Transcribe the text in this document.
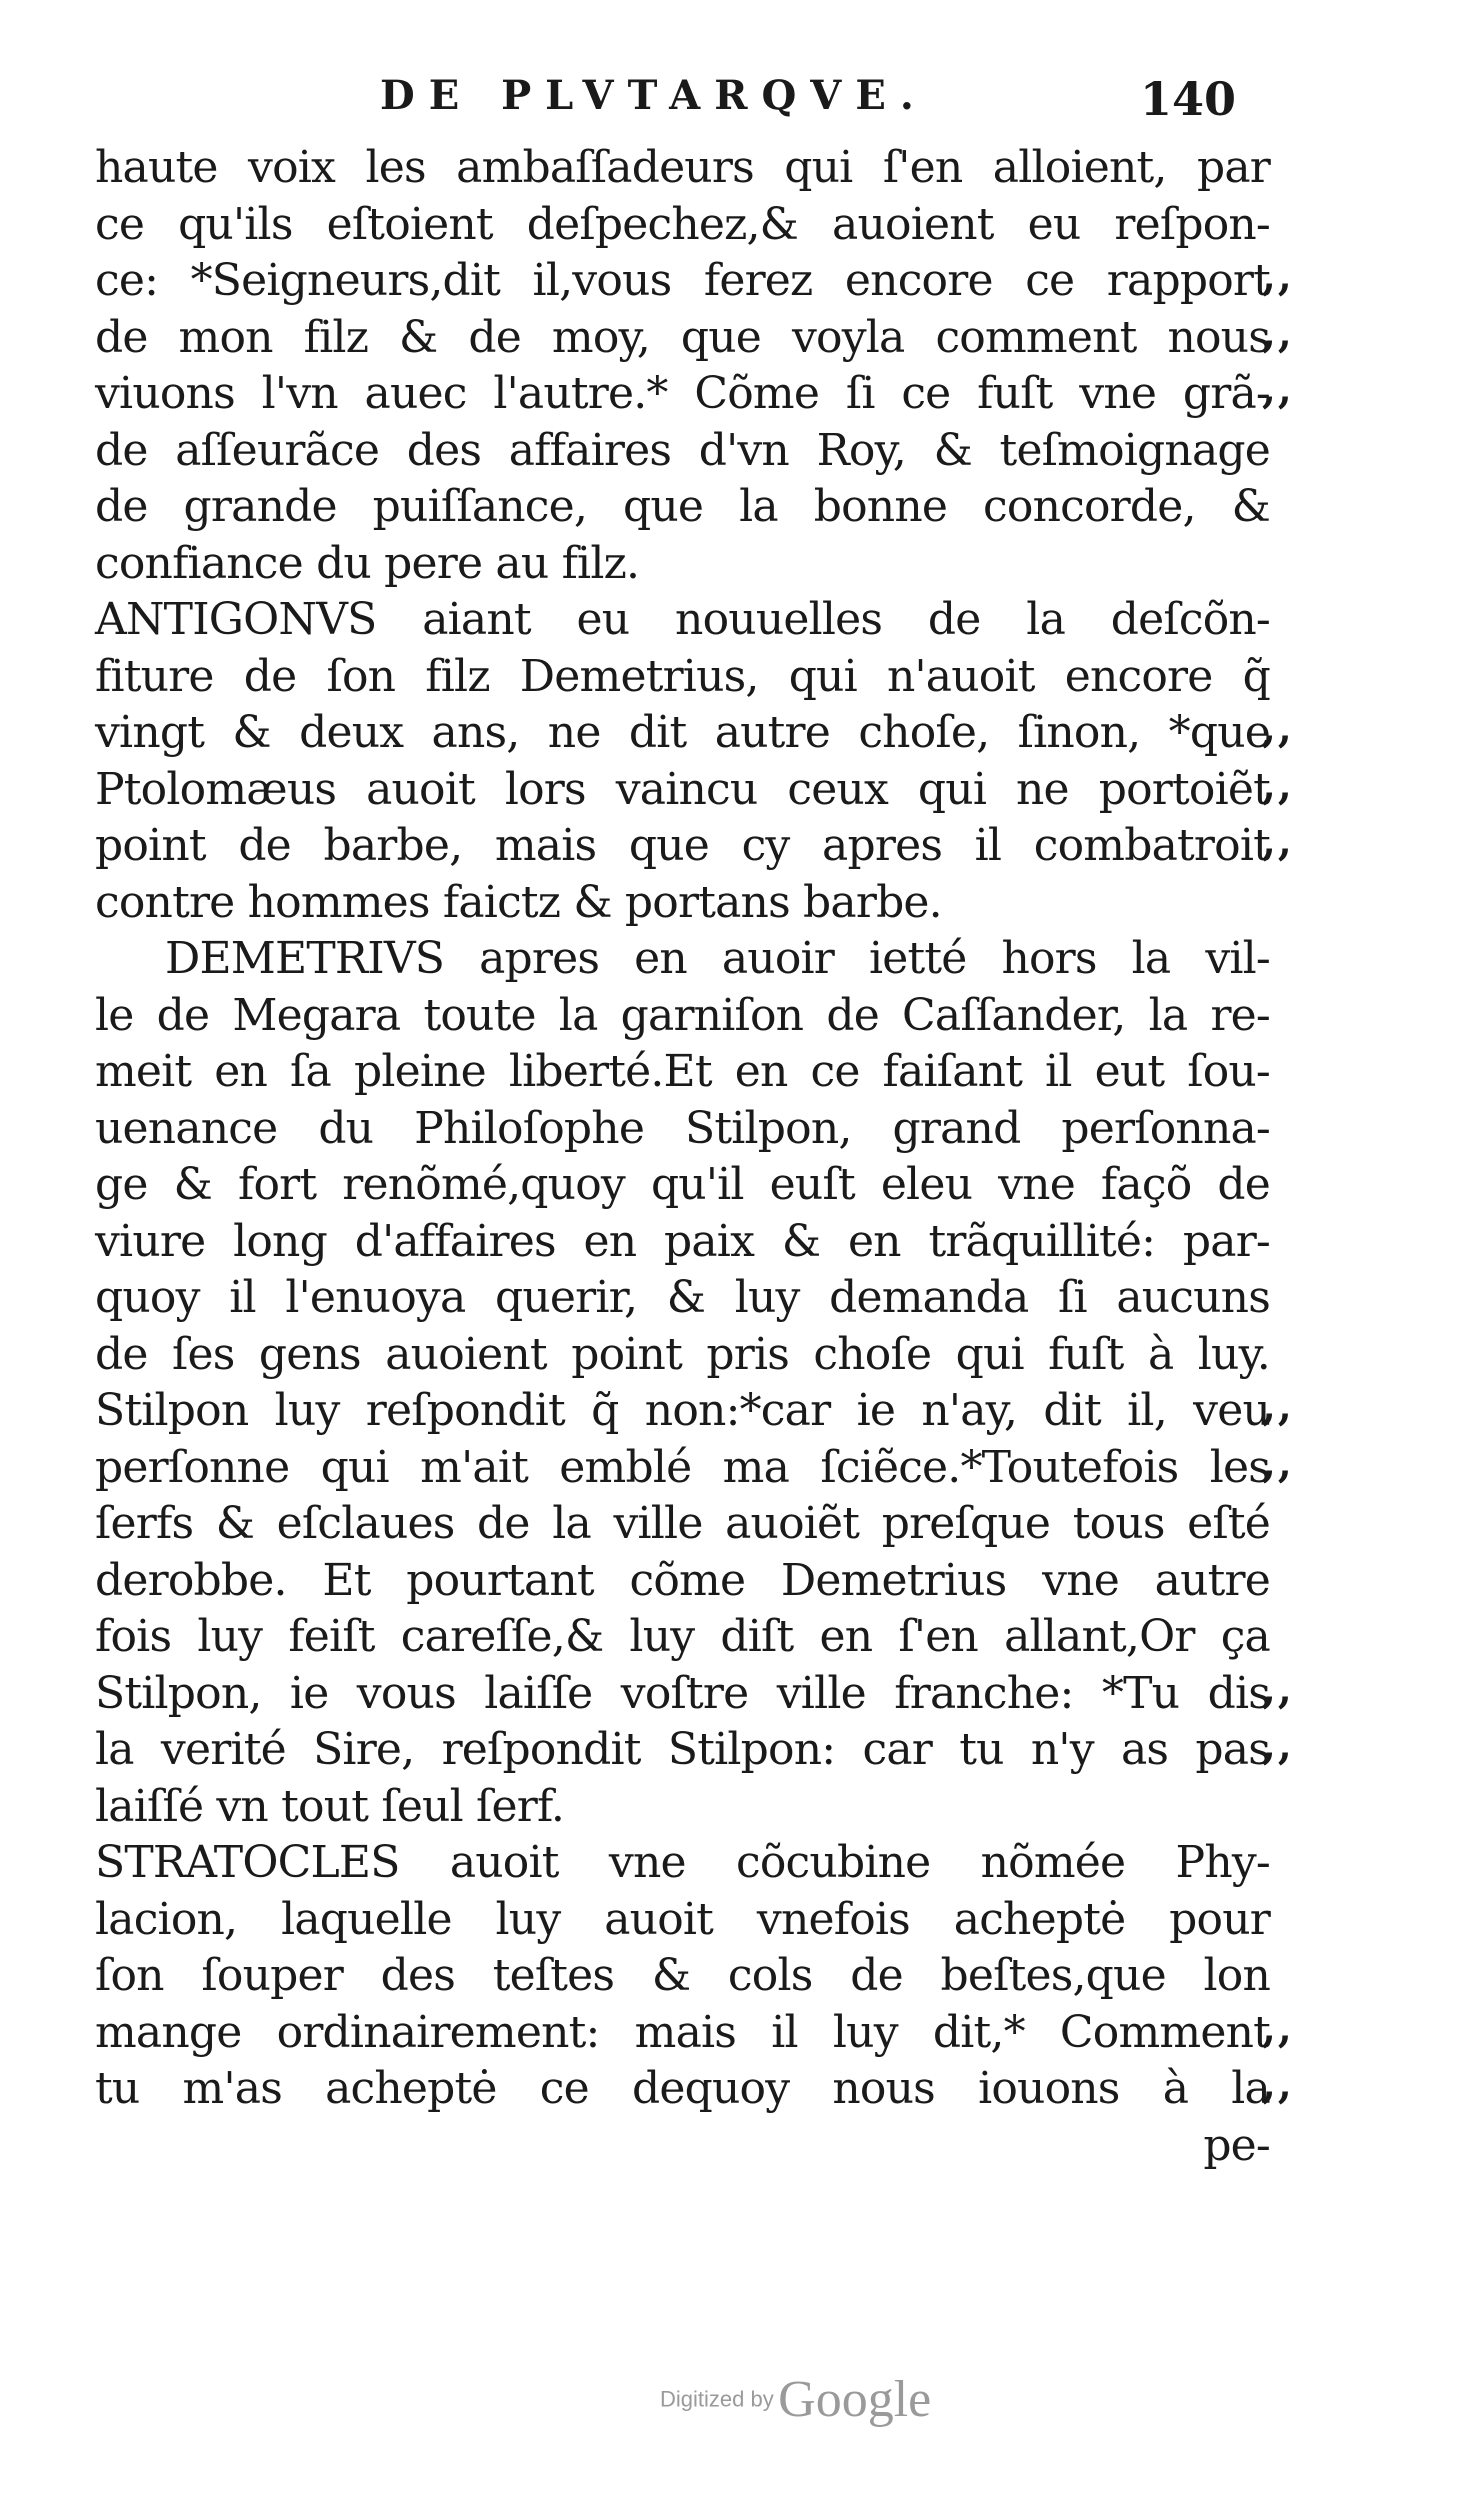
DE PLVTARQVE.	140
haute voix les ambaſſadeurs qui ſ'en alloient, par
ce qu'ils eſtoient deſpechez,& auoient eu reſpon-
ce: *Seigneurs,dit il,vous ferez encore ce rapport
de mon filz & de moy, que voyla comment nous
viuons l'vn auec l'autre.* Cõme ſi ce fuſt vne grã-
de aſſeurãce des affaires d'vn Roy, & teſmoignage
de grande puiſſance, que la bonne concorde, &
confiance du pere au filz.
ANTIGONVS aiant eu nouuelles de la deſcõn-
fiture de ſon filz Demetrius, qui n'auoit encore q̃
vingt & deux ans, ne dit autre choſe, ſinon, *que
Ptolomæus auoit lors vaincu ceux qui ne portoiẽt
point de barbe, mais que cy apres il combatroit
contre hommes faictz & portans barbe.
DEMETRIVS apres en auoir ietté hors la vil-
le de Megara toute la garniſon de Caſſander, la re-
meit en ſa pleine liberté.Et en ce faiſant il eut ſou-
uenance du Philoſophe Stilpon, grand perſonna-
ge & fort renõmé,quoy qu'il euſt eleu vne façõ de
viure long d'affaires en paix & en trãquillité: par-
quoy il l'enuoya querir, & luy demanda ſi aucuns
de ſes gens auoient point pris choſe qui fuſt à luy.
Stilpon luy reſpondit q̃ non:*car ie n'ay, dit il, veu
perſonne qui m'ait emblé ma ſciẽce.*Toutefois les
ſerfs & eſclaues de la ville auoiẽt preſque tous eſté
derobbe. Et pourtant cõme Demetrius vne autre
fois luy feiſt careſſe,& luy diſt en ſ'en allant,Or ça
Stilpon, ie vous laiſſe voſtre ville franche: *Tu dis
la verité Sire, reſpondit Stilpon: car tu n'y as pas
laiſſé vn tout ſeul ſerf.
STRATOCLES auoit vne cõcubine nõmée Phy-
lacion, laquelle luy auoit vnefois acheptė pour
ſon ſouper des teſtes & cols de beſtes,que lon
mange ordinairement: mais il luy dit,* Comment
tu m'as acheptė ce dequoy nous iouons à la
pe-
,,
,,
,,
,,
,,
,,
,,
,,
,,
,,
,,
,,
Digitized by Google
